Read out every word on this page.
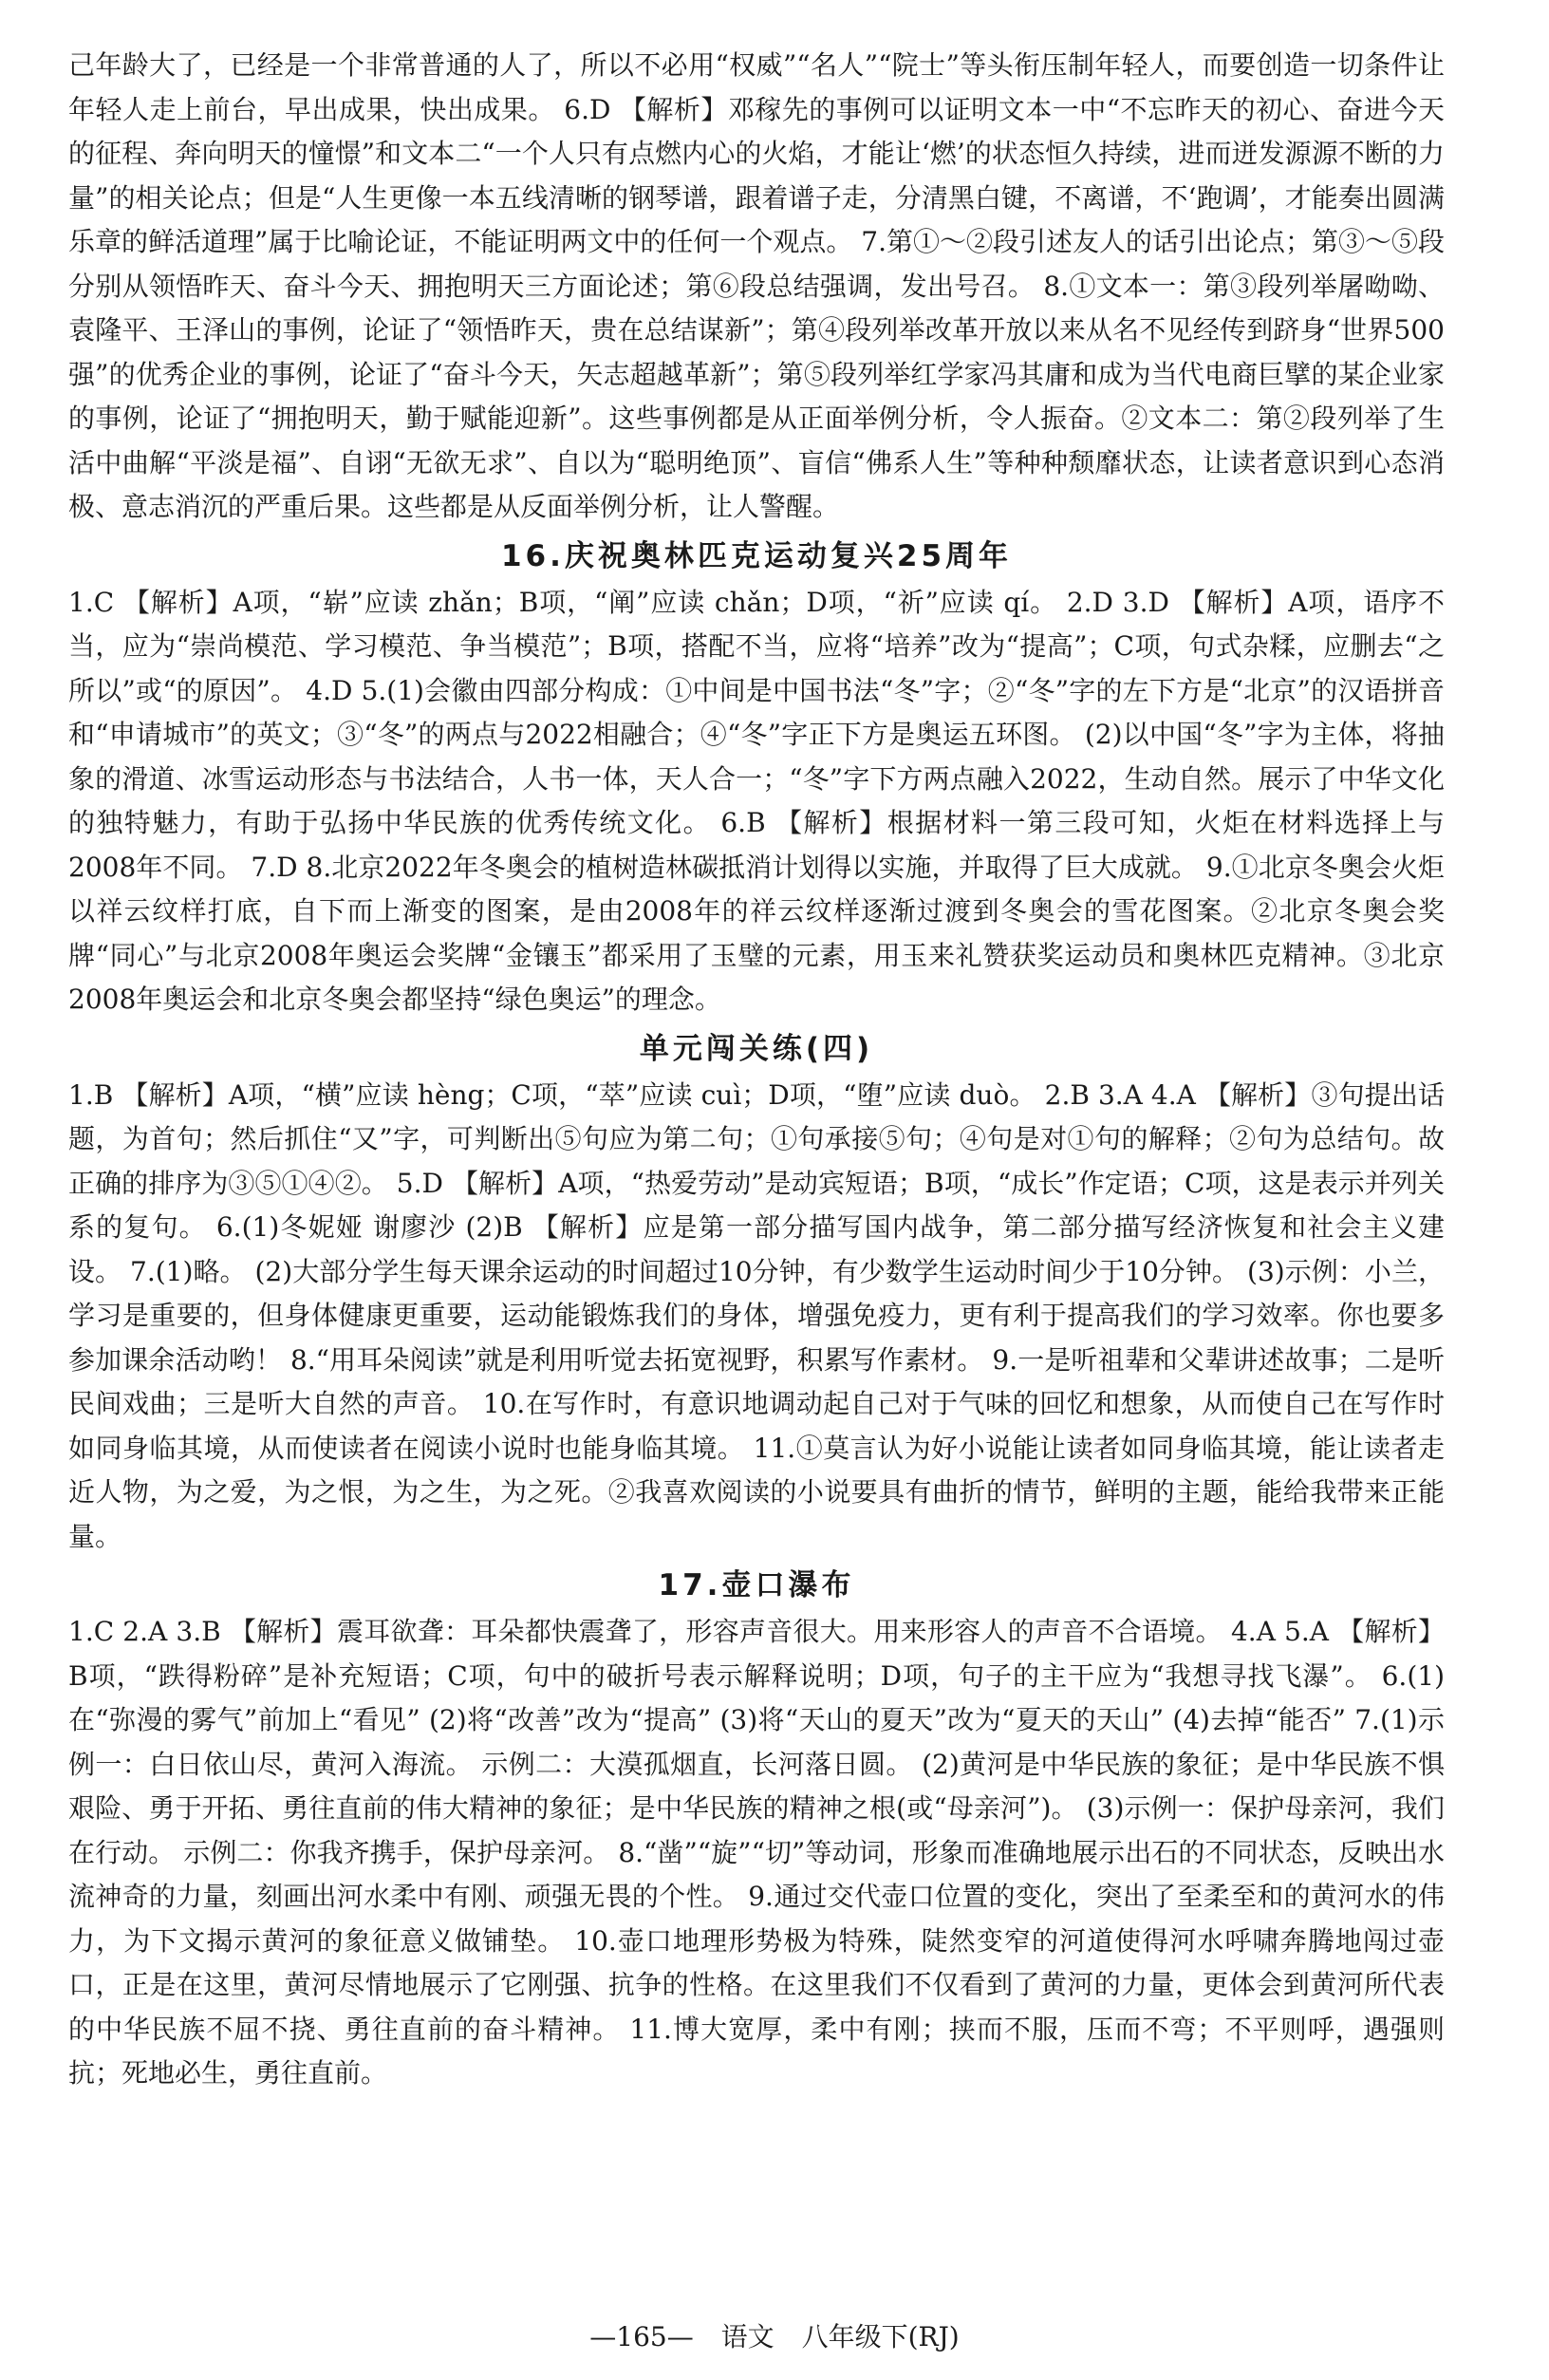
己年龄大了，已经是一个非常普通的人了，所以不必用“权威”“名人”“院士”等头衔压制年轻人，而要创造一切条件让年轻人走上前台，早出成果，快出成果。 6.D 【解析】邓稼先的事例可以证明文本一中“不忘昨天的初心、奋进今天的征程、奔向明天的憧憬”和文本二“一个人只有点燃内心的火焰，才能让‘燃’的状态恒久持续，进而迸发源源不断的力量”的相关论点；但是“人生更像一本五线清晰的钢琴谱，跟着谱子走，分清黑白键，不离谱，不‘跑调’，才能奏出圆满乐章的鲜活道理”属于比喻论证，不能证明两文中的任何一个观点。 7.第①～②段引述友人的话引出论点；第③～⑤段分别从领悟昨天、奋斗今天、拥抱明天三方面论述；第⑥段总结强调，发出号召。 8.①文本一：第③段列举屠呦呦、袁隆平、王泽山的事例，论证了“领悟昨天，贵在总结谋新”；第④段列举改革开放以来从名不见经传到跻身“世界500强”的优秀企业的事例，论证了“奋斗今天，矢志超越革新”；第⑤段列举红学家冯其庸和成为当代电商巨擘的某企业家的事例，论证了“拥抱明天，勤于赋能迎新”。这些事例都是从正面举例分析，令人振奋。②文本二：第②段列举了生活中曲解“平淡是福”、自诩“无欲无求”、自以为“聪明绝顶”、盲信“佛系人生”等种种颓靡状态，让读者意识到心态消极、意志消沉的严重后果。这些都是从反面举例分析，让人警醒。

16.庆祝奥林匹克运动复兴25周年

1.C 【解析】A项，“崭”应读 zhǎn；B项，“阐”应读 chǎn；D项，“祈”应读 qí。 2.D 3.D 【解析】A项，语序不当，应为“崇尚模范、学习模范、争当模范”；B项，搭配不当，应将“培养”改为“提高”；C项，句式杂糅，应删去“之所以”或“的原因”。 4.D 5.(1)会徽由四部分构成：①中间是中国书法“冬”字；②“冬”字的左下方是“北京”的汉语拼音和“申请城市”的英文；③“冬”的两点与2022相融合；④“冬”字正下方是奥运五环图。 (2)以中国“冬”字为主体，将抽象的滑道、冰雪运动形态与书法结合，人书一体，天人合一；“冬”字下方两点融入2022，生动自然。展示了中华文化的独特魅力，有助于弘扬中华民族的优秀传统文化。 6.B 【解析】根据材料一第三段可知，火炬在材料选择上与2008年不同。 7.D 8.北京2022年冬奥会的植树造林碳抵消计划得以实施，并取得了巨大成就。 9.①北京冬奥会火炬以祥云纹样打底，自下而上渐变的图案，是由2008年的祥云纹样逐渐过渡到冬奥会的雪花图案。②北京冬奥会奖牌“同心”与北京2008年奥运会奖牌“金镶玉”都采用了玉璧的元素，用玉来礼赞获奖运动员和奥林匹克精神。③北京2008年奥运会和北京冬奥会都坚持“绿色奥运”的理念。

单元闯关练(四)

1.B 【解析】A项，“横”应读 hèng；C项，“萃”应读 cuì；D项，“堕”应读 duò。 2.B 3.A 4.A 【解析】③句提出话题，为首句；然后抓住“又”字，可判断出⑤句应为第二句；①句承接⑤句；④句是对①句的解释；②句为总结句。故正确的排序为③⑤①④②。 5.D 【解析】A项，“热爱劳动”是动宾短语；B项，“成长”作定语；C项，这是表示并列关系的复句。 6.(1)冬妮娅 谢廖沙 (2)B 【解析】应是第一部分描写国内战争，第二部分描写经济恢复和社会主义建设。 7.(1)略。 (2)大部分学生每天课余运动的时间超过10分钟，有少数学生运动时间少于10分钟。 (3)示例：小兰，学习是重要的，但身体健康更重要，运动能锻炼我们的身体，增强免疫力，更有利于提高我们的学习效率。你也要多参加课余活动哟！ 8.“用耳朵阅读”就是利用听觉去拓宽视野，积累写作素材。 9.一是听祖辈和父辈讲述故事；二是听民间戏曲；三是听大自然的声音。 10.在写作时，有意识地调动起自己对于气味的回忆和想象，从而使自己在写作时如同身临其境，从而使读者在阅读小说时也能身临其境。 11.①莫言认为好小说能让读者如同身临其境，能让读者走近人物，为之爱，为之恨，为之生，为之死。②我喜欢阅读的小说要具有曲折的情节，鲜明的主题，能给我带来正能量。

17.壶口瀑布

1.C 2.A 3.B 【解析】震耳欲聋：耳朵都快震聋了，形容声音很大。用来形容人的声音不合语境。 4.A 5.A 【解析】B项，“跌得粉碎”是补充短语；C项，句中的破折号表示解释说明；D项，句子的主干应为“我想寻找飞瀑”。 6.(1)在“弥漫的雾气”前加上“看见” (2)将“改善”改为“提高” (3)将“天山的夏天”改为“夏天的天山” (4)去掉“能否” 7.(1)示例一：白日依山尽，黄河入海流。 示例二：大漠孤烟直，长河落日圆。 (2)黄河是中华民族的象征；是中华民族不惧艰险、勇于开拓、勇往直前的伟大精神的象征；是中华民族的精神之根(或“母亲河”)。 (3)示例一：保护母亲河，我们在行动。 示例二：你我齐携手，保护母亲河。 8.“凿”“旋”“切”等动词，形象而准确地展示出石的不同状态，反映出水流神奇的力量，刻画出河水柔中有刚、顽强无畏的个性。 9.通过交代壶口位置的变化，突出了至柔至和的黄河水的伟力，为下文揭示黄河的象征意义做铺垫。 10.壶口地理形势极为特殊，陡然变窄的河道使得河水呼啸奔腾地闯过壶口，正是在这里，黄河尽情地展示了它刚强、抗争的性格。在这里我们不仅看到了黄河的力量，更体会到黄河所代表的中华民族不屈不挠、勇往直前的奋斗精神。 11.博大宽厚，柔中有刚；挟而不服，压而不弯；不平则呼，遇强则抗；死地必生，勇往直前。

—165— 语文 八年级下(RJ)
